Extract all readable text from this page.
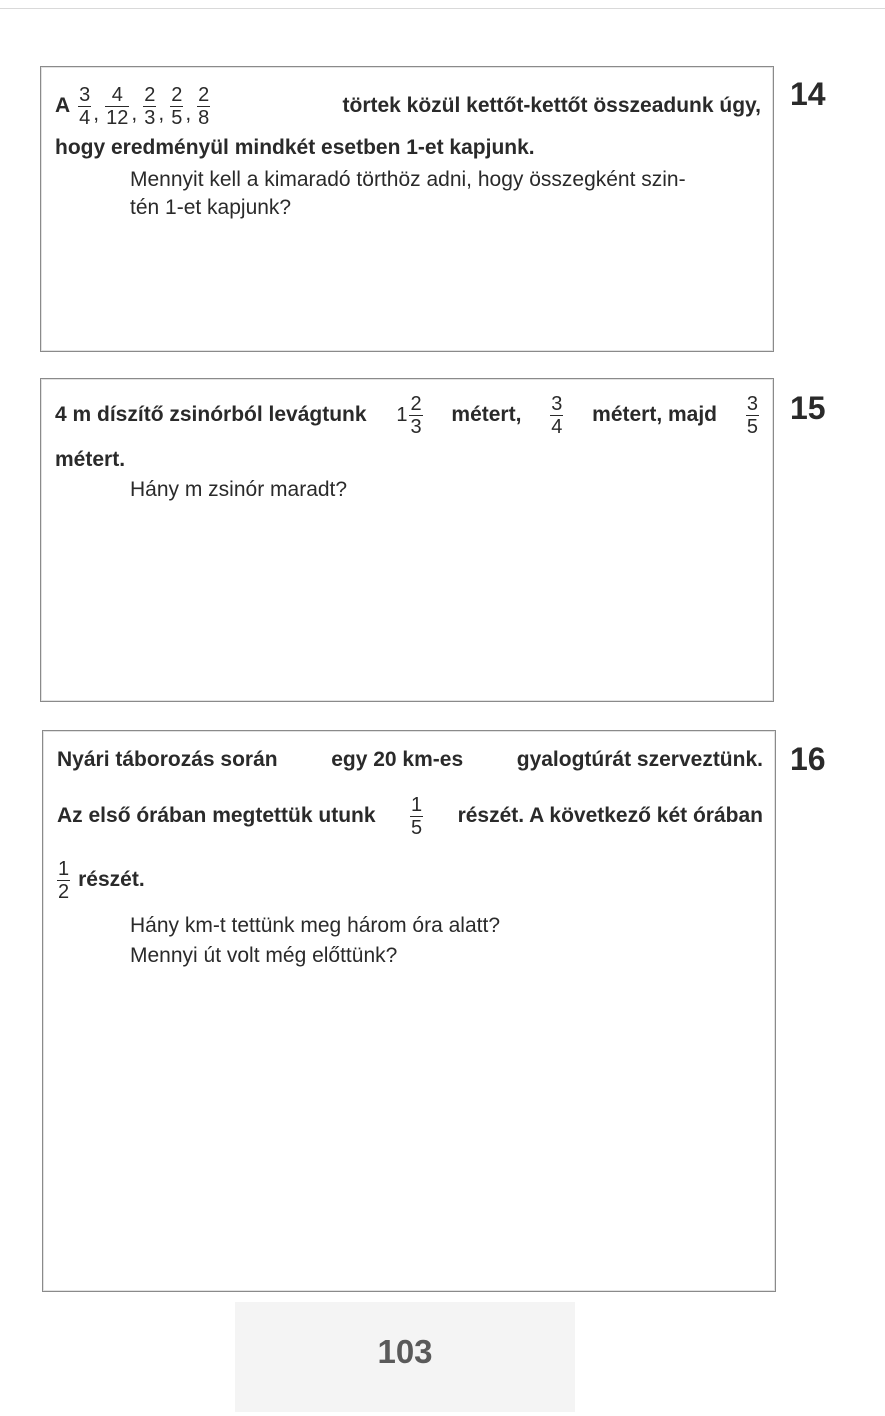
A $\frac{3}{4}$ , $\frac{4}{12}$ , $\frac{2}{3}$ , $\frac{2}{5}$ , $\frac{2}{8}$	törtek közül kettőt-kettőt összeadunk úgy,
hogy eredményül mindkét esetben 1-et kapjunk.
Mennyit kell a kimaradó törthöz adni, hogy összegként szin-
tén 1-et kapjunk?
14
4 m díszítő zsinórból levágtunk $1 \frac{2}{3}$ métert, $\frac{3}{4}$ métert, majd $\frac{3}{5}$
métert.
Hány m zsinór maradt?
15
Nyári táborozás során	egy 20 km-es	gyalogtúrát szerveztünk.
Az első órában megtettük utunk $\frac{1}{5}$ részét. A következő két órában
$\frac{1}{2}$ részét.
Hány km-t tettünk meg három óra alatt?
Mennyi út volt még előttünk?
16
103
